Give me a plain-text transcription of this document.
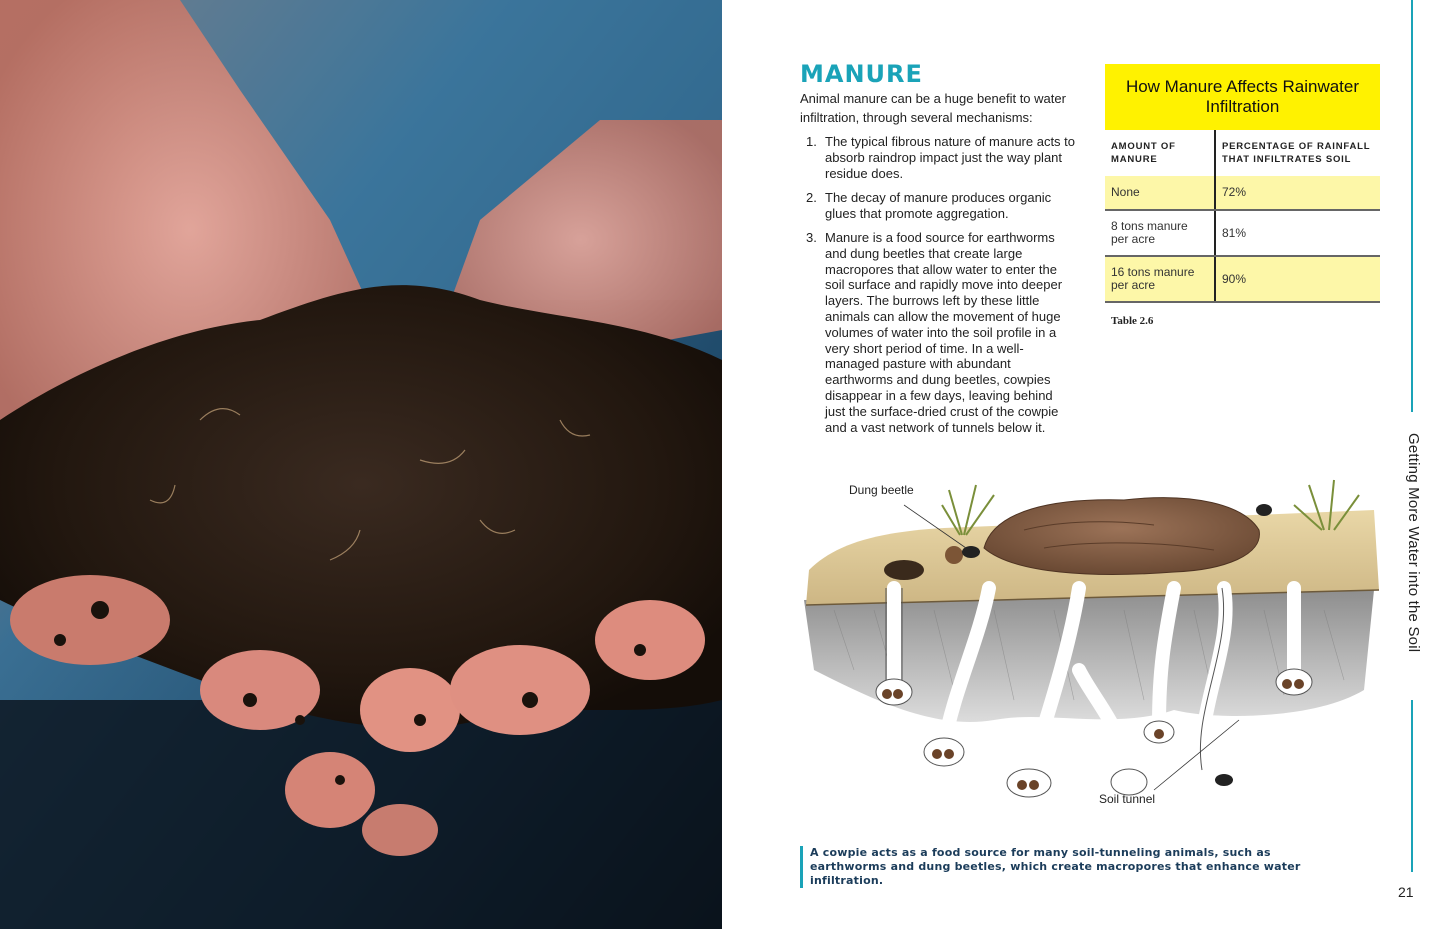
MANURE

Animal manure can be a huge benefit to water infiltration, through several mechanisms:

1. The typical fibrous nature of manure acts to absorb raindrop impact just the way plant residue does.
2. The decay of manure produces organic glues that promote aggregation.
3. Manure is a food source for earthworms and dung beetles that create large macropores that allow water to enter the soil surface and rapidly move into deeper layers. The burrows left by these little animals can allow the movement of huge volumes of water into the soil profile in a very short period of time. In a well-managed pasture with abundant earthworms and dung beetles, cowpies disappear in a few days, leaving behind just the surface-dried crust of the cowpie and a vast network of tunnels below it.
How Manure Affects Rainwater Infiltration
AMOUNT OF MANURE
PERCENTAGE OF RAINFALL THAT INFILTRATES SOIL
None	72%
8 tons manure per acre	81%
16 tons manure per acre	90%
Table 2.6
Dung beetle
Soil tunnel
A cowpie acts as a food source for many soil-tunneling animals, such as earthworms and dung beetles, which create macropores that enhance water infiltration.
Getting More Water into the Soil
21
